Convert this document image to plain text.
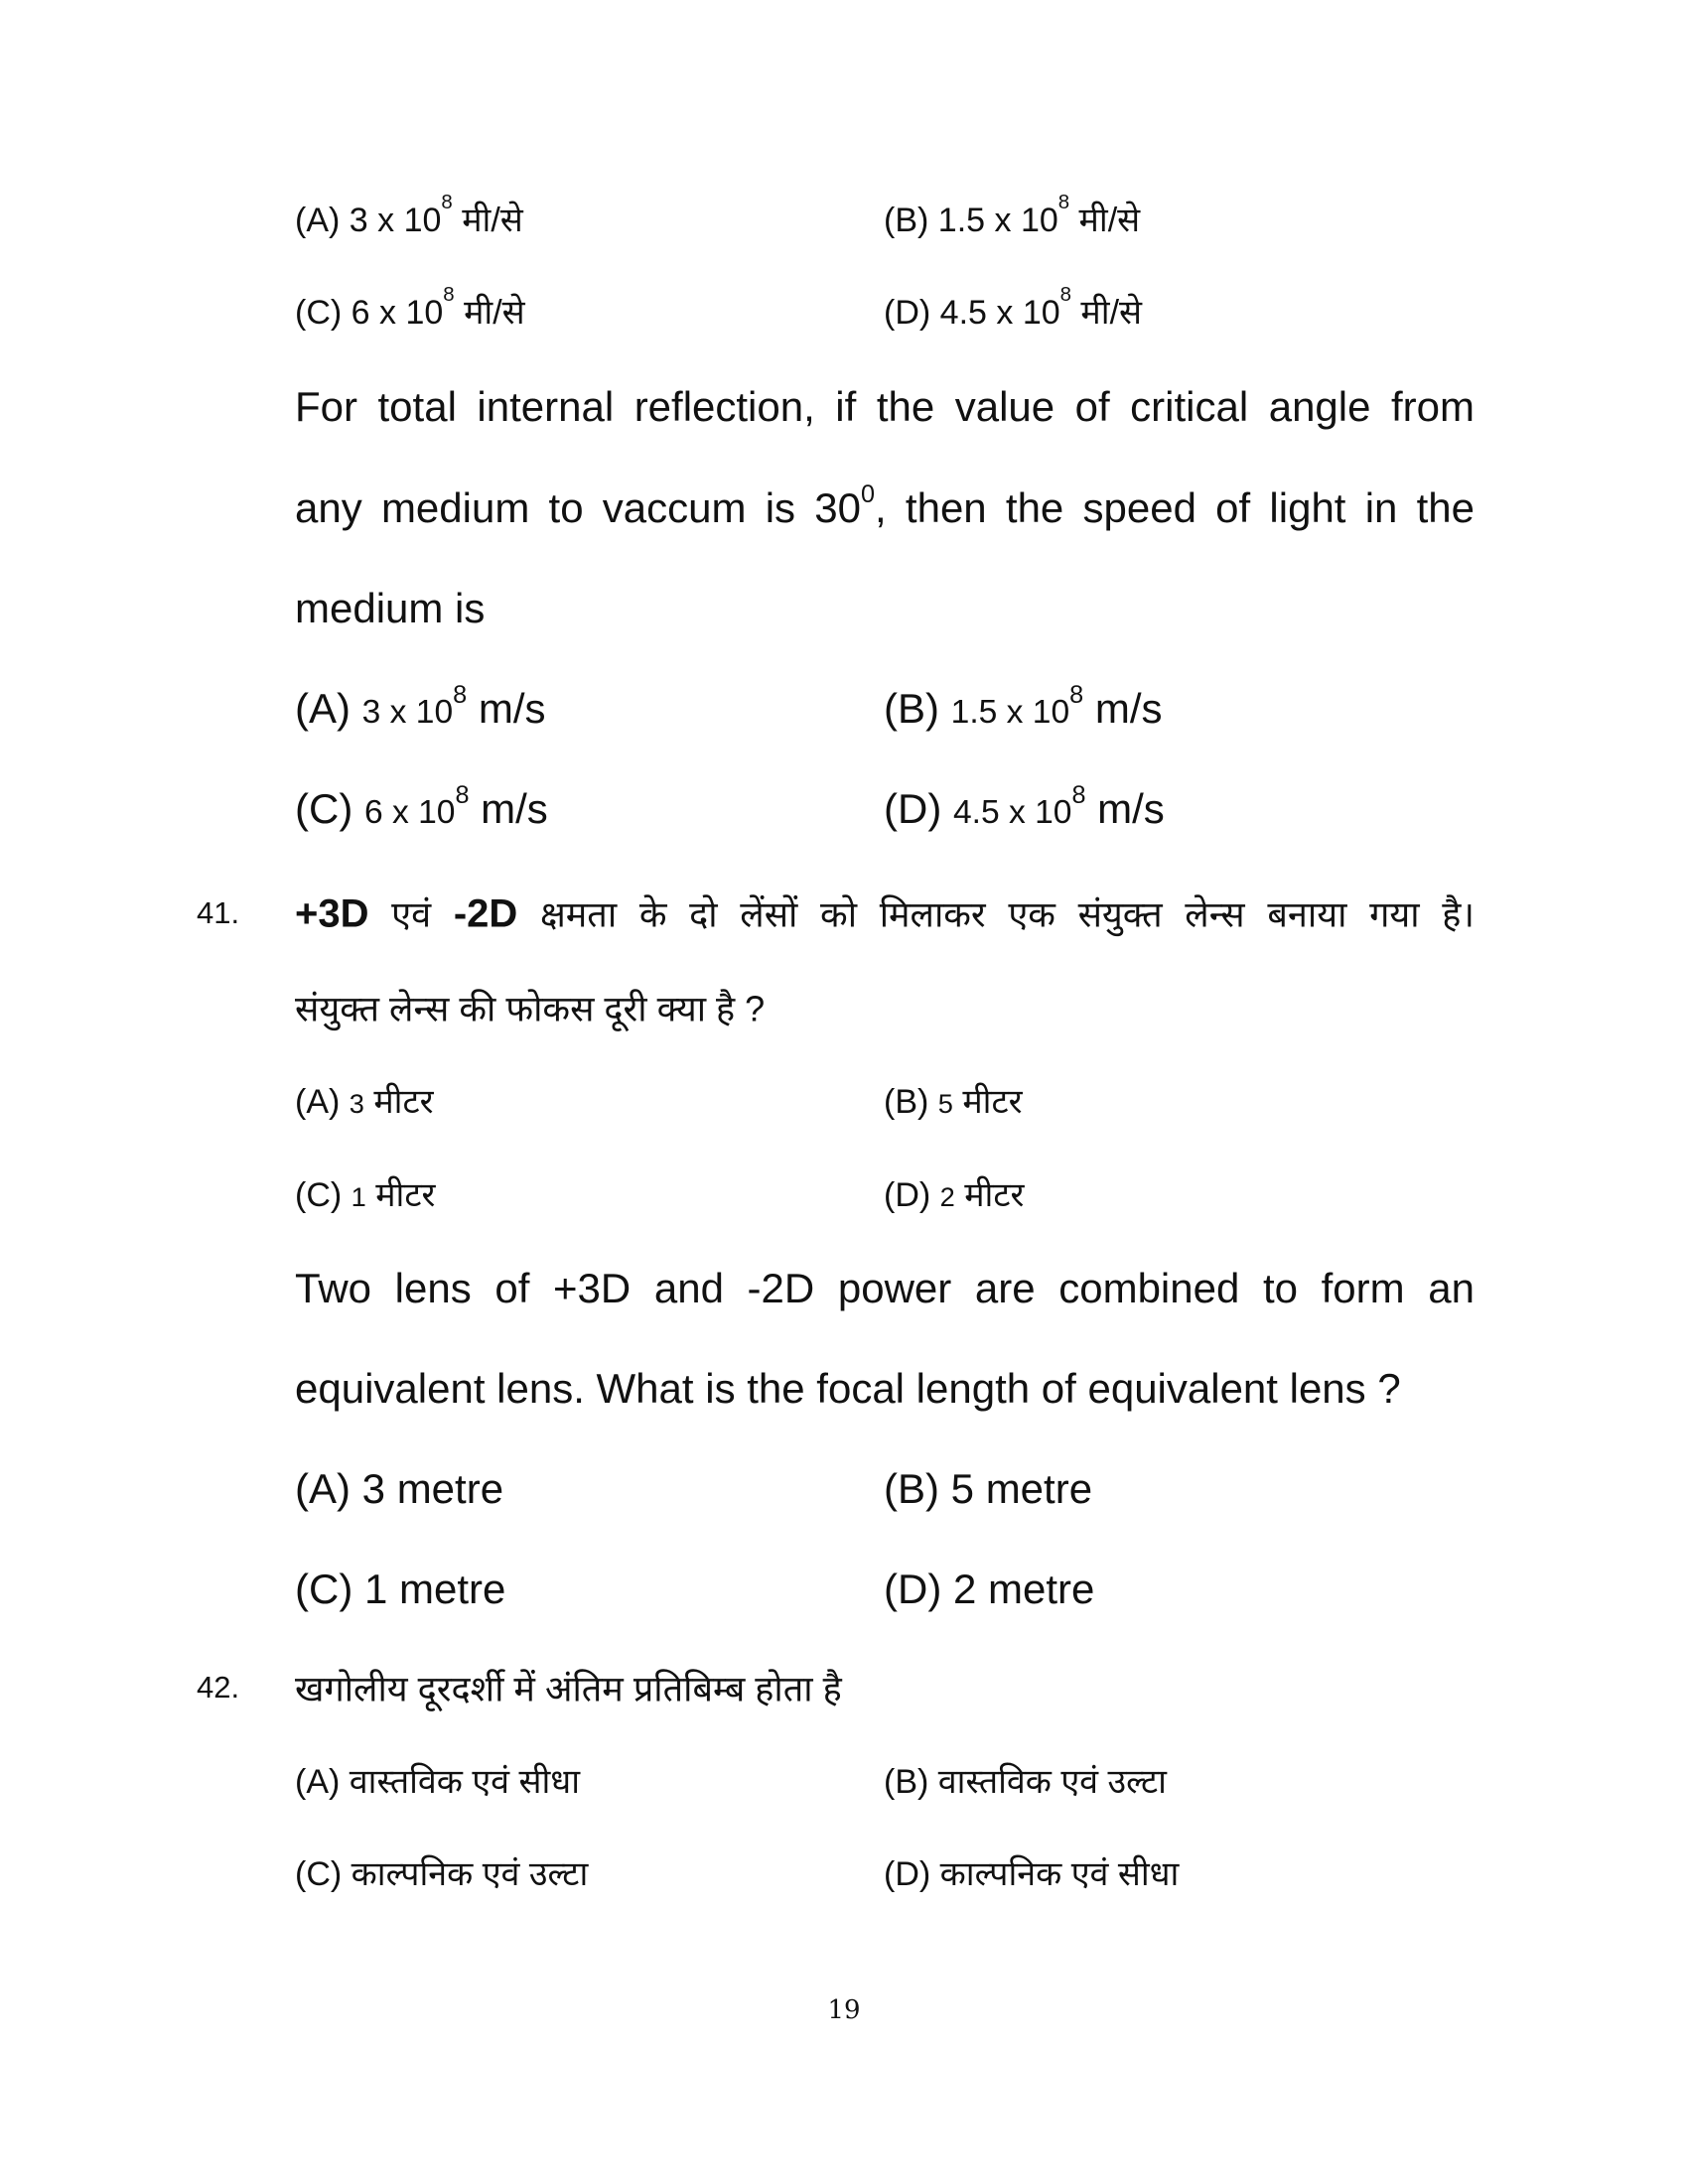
(A) 3 x $10^8$ मी/से	(B) 1.5 x $10^8$ मी/से
(C) 6 x $10^8$ मी/से	(D) 4.5 x $10^8$ मी/से
For total internal reflection, if the value of critical angle from
any medium to vaccum is $30^0$, then the speed of light in the
medium is
(A) 3 x $10^8$ m/s	(B) 1.5 x $10^8$ m/s
(C) 6 x $10^8$ m/s	(D) 4.5 x $10^8$ m/s
41. +3D एवं -2D क्षमता के दो लेंसों को मिलाकर एक संयुक्त लेन्स बनाया गया है।
संयुक्त लेन्स की फोकस दूरी क्या है ?
(A) 3 मीटर	(B) 5 मीटर
(C) 1 मीटर	(D) 2 मीटर
Two lens of +3D and -2D power are combined to form an
equivalent lens. What is the focal length of equivalent lens ?
(A) 3 metre	(B) 5 metre
(C) 1 metre	(D) 2 metre
42. खगोलीय दूरदर्शी में अंतिम प्रतिबिम्ब होता है
(A) वास्तविक एवं सीधा	(B) वास्तविक एवं उल्टा
(C) काल्पनिक एवं उल्टा	(D) काल्पनिक एवं सीधा
19
